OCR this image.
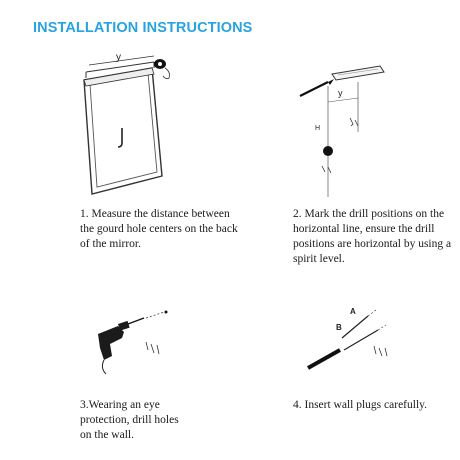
INSTALLATION INSTRUCTIONS
y
y
H
A
B

1. Measure the distance between the gourd hole centers on the back of the mirror.

2. Mark the drill positions on the horizontal line, ensure the drill positions are horizontal by using a spirit level.

3.Wearing an eye protection, drill holes on the wall.

4. Insert wall plugs carefully.
